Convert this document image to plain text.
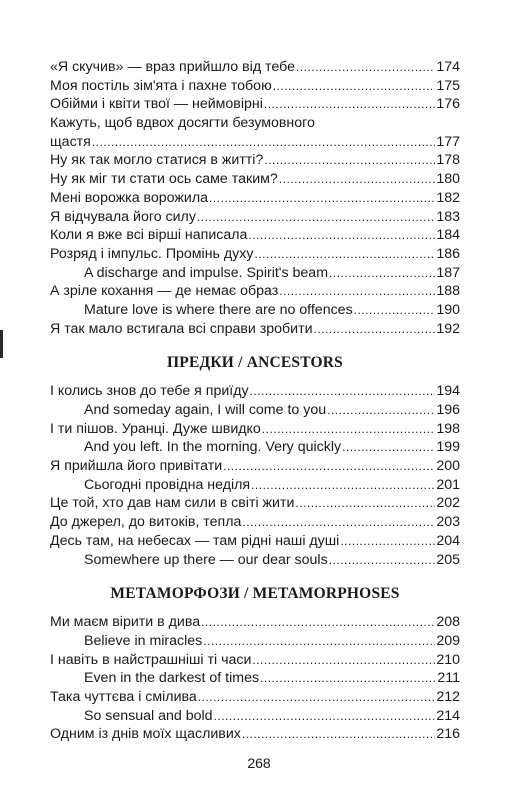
«Я скучив» — враз прийшло від тебе .....	174
Моя постіль зім'ята і пахне тобою .....	175
Обійми і квіти твої — неймовірні .....	176
Кажуть, щоб вдвох досягти безумовного
щастя .....	177
Ну як так могло статися в житті? .....	178
Ну як міг ти стати ось саме таким? .....	180
Мені ворожка ворожила .....	182
Я відчувала його силу .....	183
Коли я вже всі вірші написала .....	184
Розряд і імпульс. Промінь духу .....	186
A discharge and impulse. Spirit's beam .....	187
А зріле кохання — де немає образ .....	188
Mature love is where there are no offences .....	190
Я так мало встигала всі справи зробити .....	192
ПРЕДКИ / ANCESTORS
І колись знов до тебе я приїду .....	194
And someday again, I will come to you .....	196
І ти пішов. Уранці. Дуже швидко .....	198
And you left. In the morning. Very quickly .....	199
Я прийшла його привітати .....	200
Сьогодні провідна неділя .....	201
Це той, хто дав нам сили в світі жити .....	202
До джерел, до витоків, тепла .....	203
Десь там, на небесах — там рідні наші душі .....	204
Somewhere up there — our dear souls .....	205
МЕТАМОРФОЗИ / METAMORPHOSES
Ми маєм вірити в дива .....	208
Believe in miracles .....	209
І навіть в найстрашніші ті часи .....	210
Even in the darkest of times .....	211
Така чуттєва і смілива .....	212
So sensual and bold .....	214
Одним із днів моїх щасливих .....	216
268
